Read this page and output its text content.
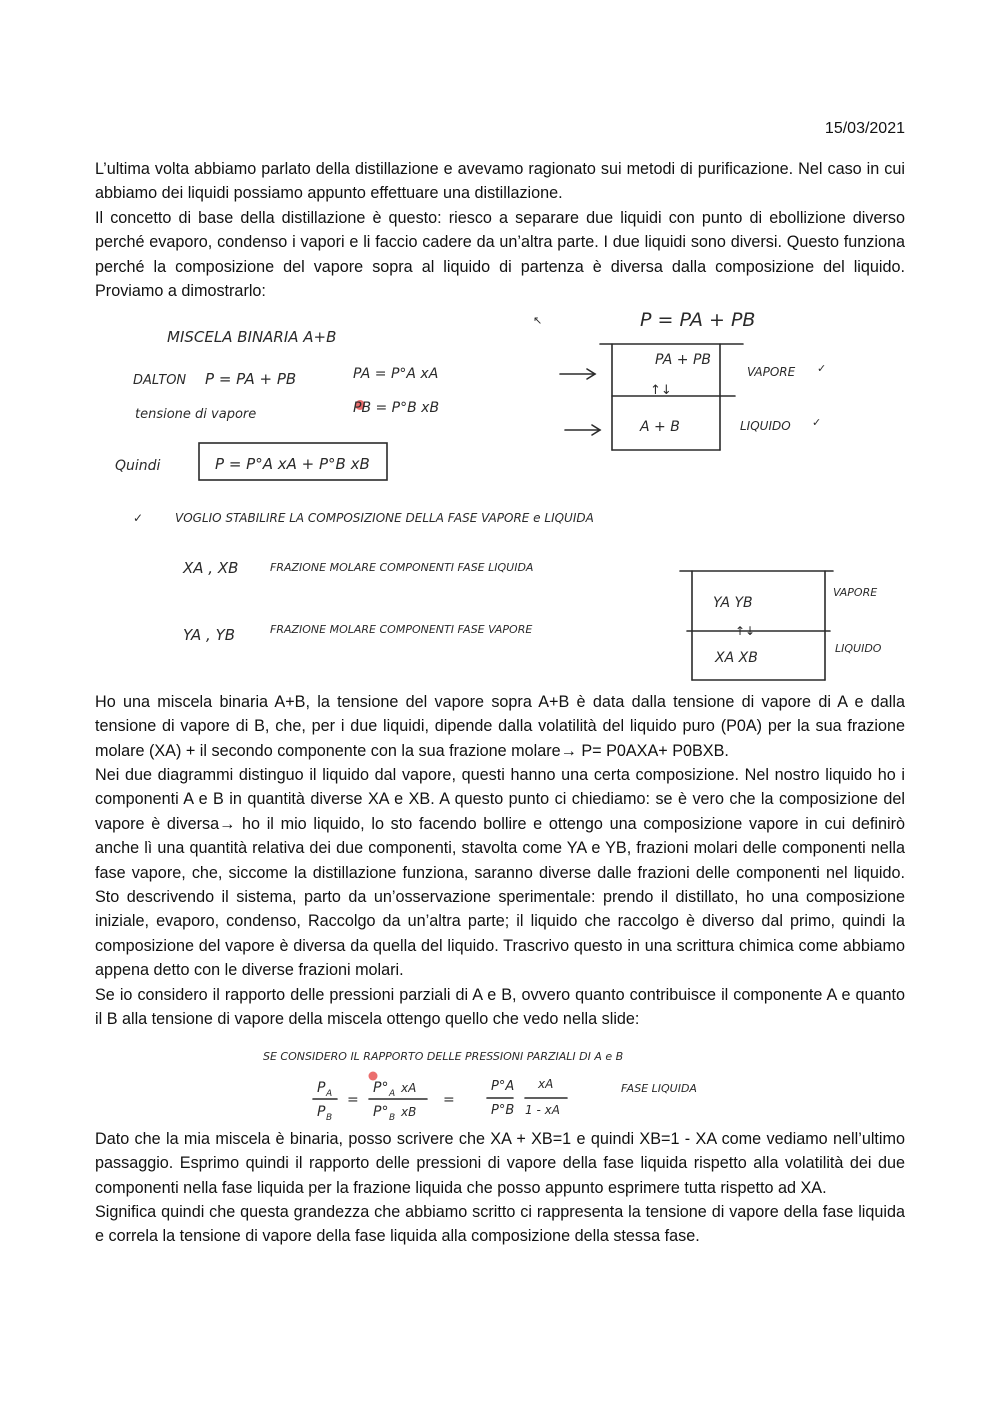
15/03/2021

L’ultima volta abbiamo parlato della distillazione e avevamo ragionato sui metodi di purificazione. Nel caso in cui abbiamo dei liquidi possiamo appunto effettuare una distillazione.

Il concetto di base della distillazione è questo: riesco a separare due liquidi con punto di ebollizione diverso perché evaporo, condenso i vapori e li faccio cadere da un’altra parte. I due liquidi sono diversi. Questo funziona perché la composizione del vapore sopra al liquido di partenza è diversa dalla composizione del liquido. Proviamo a dimostrarlo:

MISCELA BINARIA A+B
DALTON P = PA + PB	PA = P°A xA
PB = P°B xB
tensione di vapore
Quindi	P = P°A xA + P°B xB
↖	P = PA + PB
PA + PB
↑↓
A + B
VAPORE ✓
LIQUIDO ✓
✓	VOGLIO STABILIRE LA COMPOSIZIONE DELLA FASE VAPORE e LIQUIDA
XA , XB	FRAZIONE MOLARE COMPONENTI FASE LIQUIDA
YA , YB	FRAZIONE MOLARE COMPONENTI FASE VAPORE
YA YB
↑↓
XA XB
VAPORE
LIQUIDO

Ho una miscela binaria A+B, la tensione del vapore sopra A+B è data dalla tensione di vapore di A e dalla tensione di vapore di B, che, per i due liquidi, dipende dalla volatilità del liquido puro (P0A) per la sua frazione molare (XA) + il secondo componente con la sua frazione molare→ P= P0AXA+ P0BXB.

Nei due diagrammi distinguo il liquido dal vapore, questi hanno una certa composizione. Nel nostro liquido ho i componenti A e B in quantità diverse XA e XB. A questo punto ci chiediamo: se è vero che la composizione del vapore è diversa→ ho il mio liquido, lo sto facendo bollire e ottengo una composizione vapore in cui definirò anche lì una quantità relativa dei due componenti, stavolta come YA e YB, frazioni molari delle componenti nella fase vapore, che, siccome la distillazione funziona, saranno diverse dalle frazioni delle componenti nel liquido. Sto descrivendo il sistema, parto da un’osservazione sperimentale: prendo il distillato, ho una composizione iniziale, evaporo, condenso, Raccolgo da un’altra parte; il liquido che raccolgo è diverso dal primo, quindi la composizione del vapore è diversa da quella del liquido. Trascrivo questo in una scrittura chimica come abbiamo appena detto con le diverse frazioni molari.

Se io considero il rapporto delle pressioni parziali di A e B, ovvero quanto contribuisce il componente A e quanto il B alla tensione di vapore della miscela ottengo quello che vedo nella slide:

SE CONSIDERO IL RAPPORTO DELLE PRESSIONI PARZIALI DI A e B
P A
P B
=
P° A xA
P° B xB
=
P°A
P°B
xA
1 - xA
FASE LIQUIDA

Dato che la mia miscela è binaria, posso scrivere che XA + XB=1 e quindi XB=1 - XA come vediamo nell’ultimo passaggio. Esprimo quindi il rapporto delle pressioni di vapore della fase liquida rispetto alla volatilità dei due componenti nella fase liquida per la frazione liquida che posso appunto esprimere tutta rispetto ad XA.

Significa quindi che questa grandezza che abbiamo scritto ci rappresenta la tensione di vapore della fase liquida e correla la tensione di vapore della fase liquida alla composizione della stessa fase.
